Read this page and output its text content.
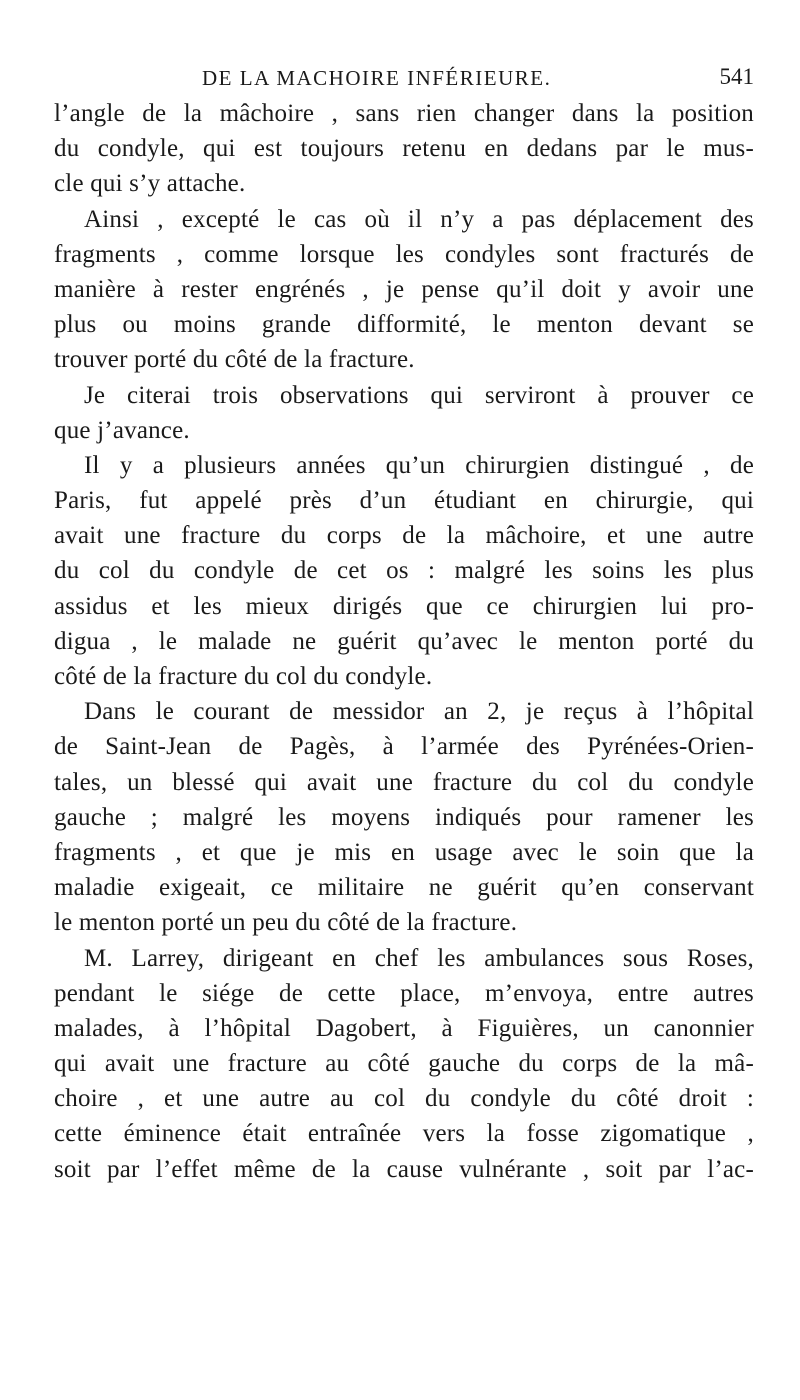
DE LA MACHOIRE INFÉRIEURE.	541
l’angle de la mâchoire , sans rien changer dans la position
du condyle, qui est toujours retenu en dedans par le mus-
cle qui s’y attache.
Ainsi , excepté le cas où il n’y a pas déplacement des
fragments , comme lorsque les condyles sont fracturés de
manière à rester engrénés , je pense qu’il doit y avoir une
plus ou moins grande difformité, le menton devant se
trouver porté du côté de la fracture.
Je citerai trois observations qui serviront à prouver ce
que j’avance.
Il y a plusieurs années qu’un chirurgien distingué , de
Paris, fut appelé près d’un étudiant en chirurgie, qui
avait une fracture du corps de la mâchoire, et une autre
du col du condyle de cet os : malgré les soins les plus
assidus et les mieux dirigés que ce chirurgien lui pro-
digua , le malade ne guérit qu’avec le menton porté du
côté de la fracture du col du condyle.
Dans le courant de messidor an 2, je reçus à l’hôpital
de Saint-Jean de Pagès, à l’armée des Pyrénées-Orien-
tales, un blessé qui avait une fracture du col du condyle
gauche ; malgré les moyens indiqués pour ramener les
fragments , et que je mis en usage avec le soin que la
maladie exigeait, ce militaire ne guérit qu’en conservant
le menton porté un peu du côté de la fracture.
M. Larrey, dirigeant en chef les ambulances sous Roses,
pendant le siége de cette place, m’envoya, entre autres
malades, à l’hôpital Dagobert, à Figuières, un canonnier
qui avait une fracture au côté gauche du corps de la mâ-
choire , et une autre au col du condyle du côté droit :
cette éminence était entraînée vers la fosse zigomatique ,
soit par l’effet même de la cause vulnérante , soit par l’ac-
